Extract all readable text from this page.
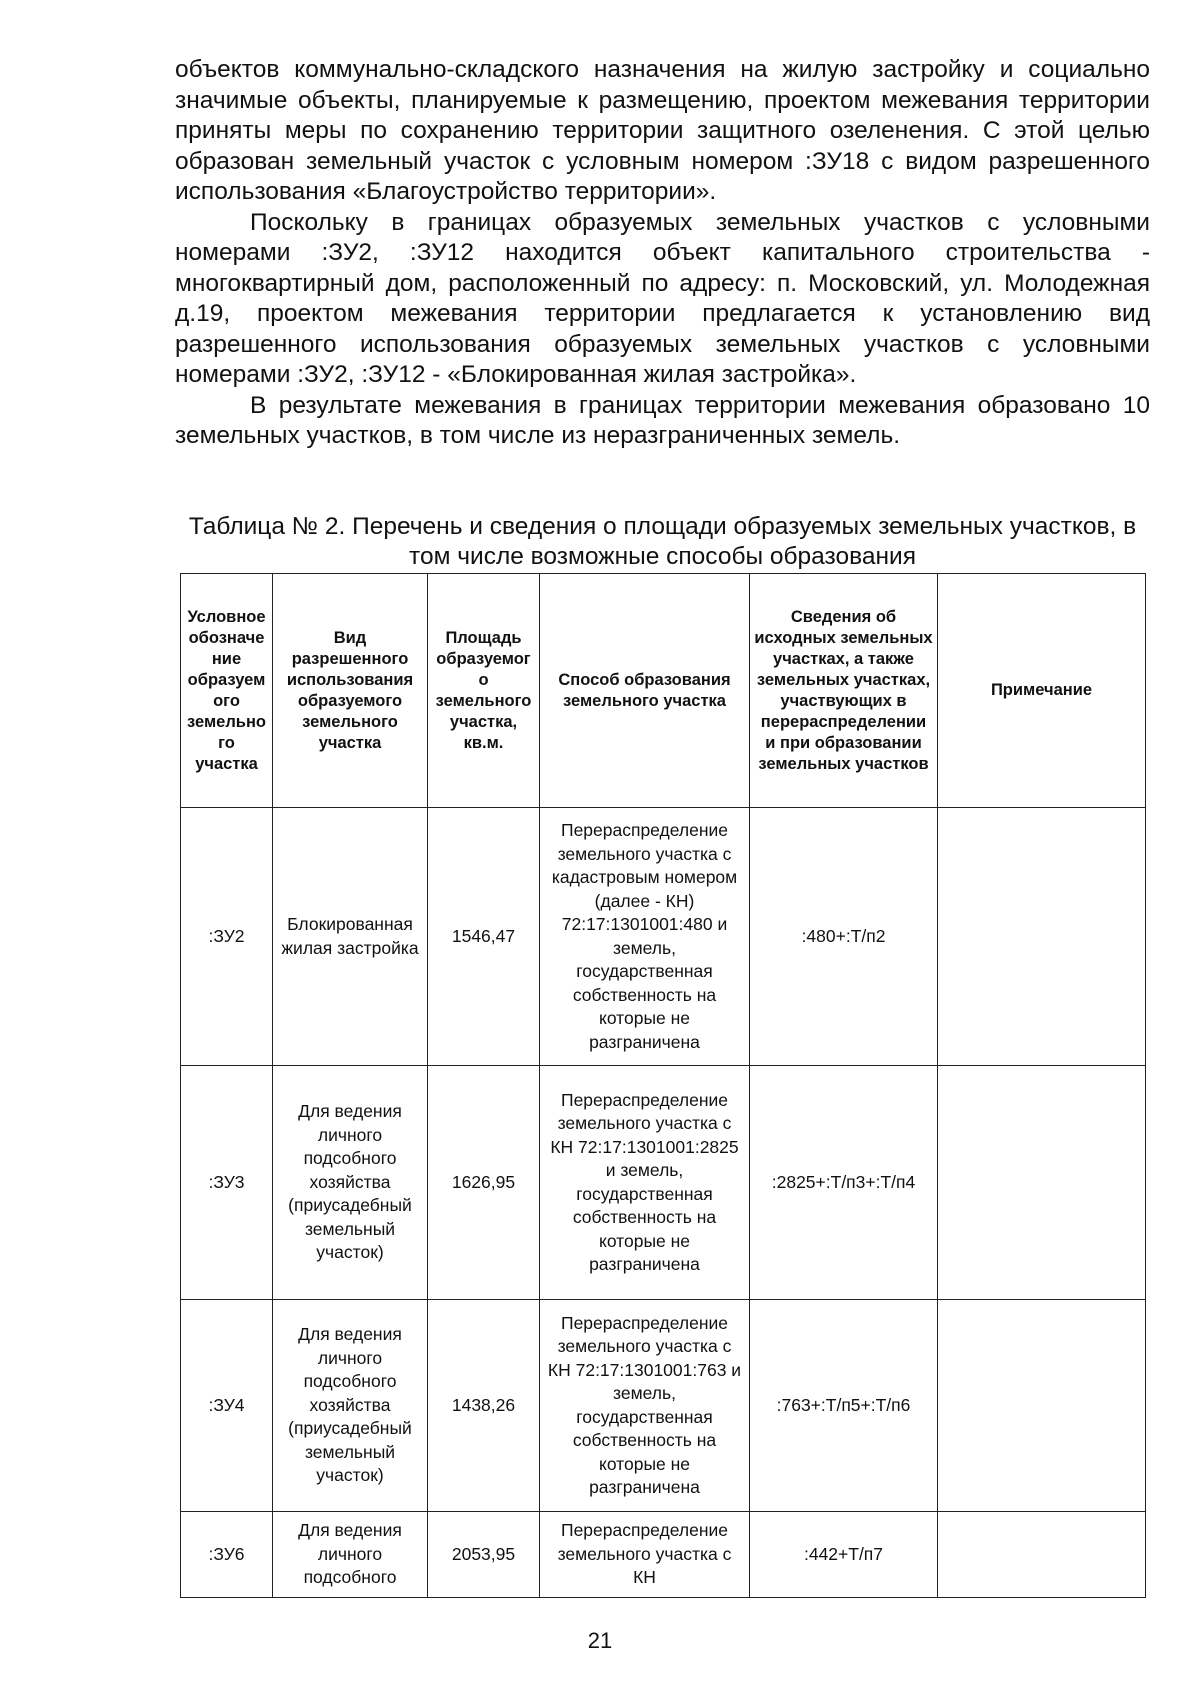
объектов коммунально-складского назначения на жилую застройку и социально значимые объекты, планируемые к размещению, проектом межевания территории приняты меры по сохранению территории защитного озеленения. С этой целью образован земельный участок с условным номером :ЗУ18 с видом разрешенного использования «Благоустройство территории».

Поскольку в границах образуемых земельных участков с условными номерами :ЗУ2, :ЗУ12 находится объект капитального строительства - многоквартирный дом, расположенный по адресу: п. Московский, ул. Молодежная д.19, проектом межевания территории предлагается к установлению вид разрешенного использования образуемых земельных участков с условными номерами :ЗУ2, :ЗУ12 - «Блокированная жилая застройка».

В результате межевания в границах территории межевания образовано 10 земельных участков, в том числе из неразграниченных земель.

Таблица № 2. Перечень и сведения о площади образуемых земельных участков, в том числе возможные способы образования
Условное обозначение образуемого земельного участка	Вид разрешенного использования образуемого земельного участка	Площадь образуемого земельного участка, кв.м.	Способ образования земельного участка	Сведения об исходных земельных участках, а также земельных участках, участвующих в перераспределении и при образовании земельных участков	Примечание
:ЗУ2	Блокированная жилая застройка	1546,47	Перераспределение земельного участка с кадастровым номером (далее - КН) 72:17:1301001:480 и земель, государственная собственность на которые не разграничена	:480+:Т/п2	
:ЗУ3	Для ведения личного подсобного хозяйства (приусадебный земельный участок)	1626,95	Перераспределение земельного участка с КН 72:17:1301001:2825 и земель, государственная собственность на которые не разграничена	:2825+:Т/п3+:Т/п4	
:ЗУ4	Для ведения личного подсобного хозяйства (приусадебный земельный участок)	1438,26	Перераспределение земельного участка с КН 72:17:1301001:763 и земель, государственная собственность на которые не разграничена	:763+:Т/п5+:Т/п6	
:ЗУ6	Для ведения личного подсобного	2053,95	Перераспределение земельного участка с КН	:442+Т/п7	
21
